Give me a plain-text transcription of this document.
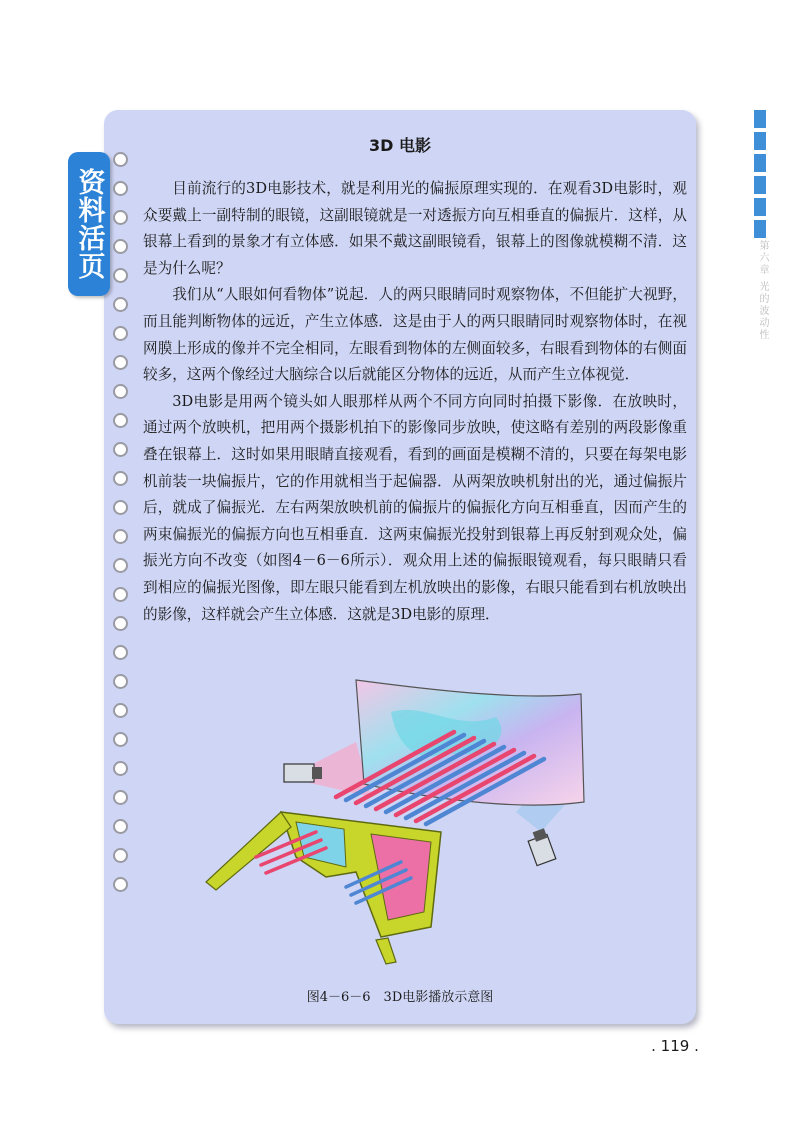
第六章 光的波动性
资料活页
3D 电影

目前流行的3D电影技术，就是利用光的偏振原理实现的．在观看3D电影时，观众要戴上一副特制的眼镜，这副眼镜就是一对透振方向互相垂直的偏振片．这样，从银幕上看到的景象才有立体感．如果不戴这副眼镜看，银幕上的图像就模糊不清．这是为什么呢？

我们从“人眼如何看物体”说起．人的两只眼睛同时观察物体，不但能扩大视野，而且能判断物体的远近，产生立体感．这是由于人的两只眼睛同时观察物体时，在视网膜上形成的像并不完全相同，左眼看到物体的左侧面较多，右眼看到物体的右侧面较多，这两个像经过大脑综合以后就能区分物体的远近，从而产生立体视觉．

3D电影是用两个镜头如人眼那样从两个不同方向同时拍摄下影像．在放映时，通过两个放映机，把用两个摄影机拍下的影像同步放映，使这略有差别的两段影像重叠在银幕上．这时如果用眼睛直接观看，看到的画面是模糊不清的，只要在每架电影机前装一块偏振片，它的作用就相当于起偏器．从两架放映机射出的光，通过偏振片后，就成了偏振光．左右两架放映机前的偏振片的偏振化方向互相垂直，因而产生的两束偏振光的偏振方向也互相垂直．这两束偏振光投射到银幕上再反射到观众处，偏振光方向不改变（如图4－6－6所示）．观众用上述的偏振眼镜观看，每只眼睛只看到相应的偏振光图像，即左眼只能看到左机放映出的影像，右眼只能看到右机放映出的影像，这样就会产生立体感．这就是3D电影的原理．

图4－6－6　3D电影播放示意图
. 119 .
